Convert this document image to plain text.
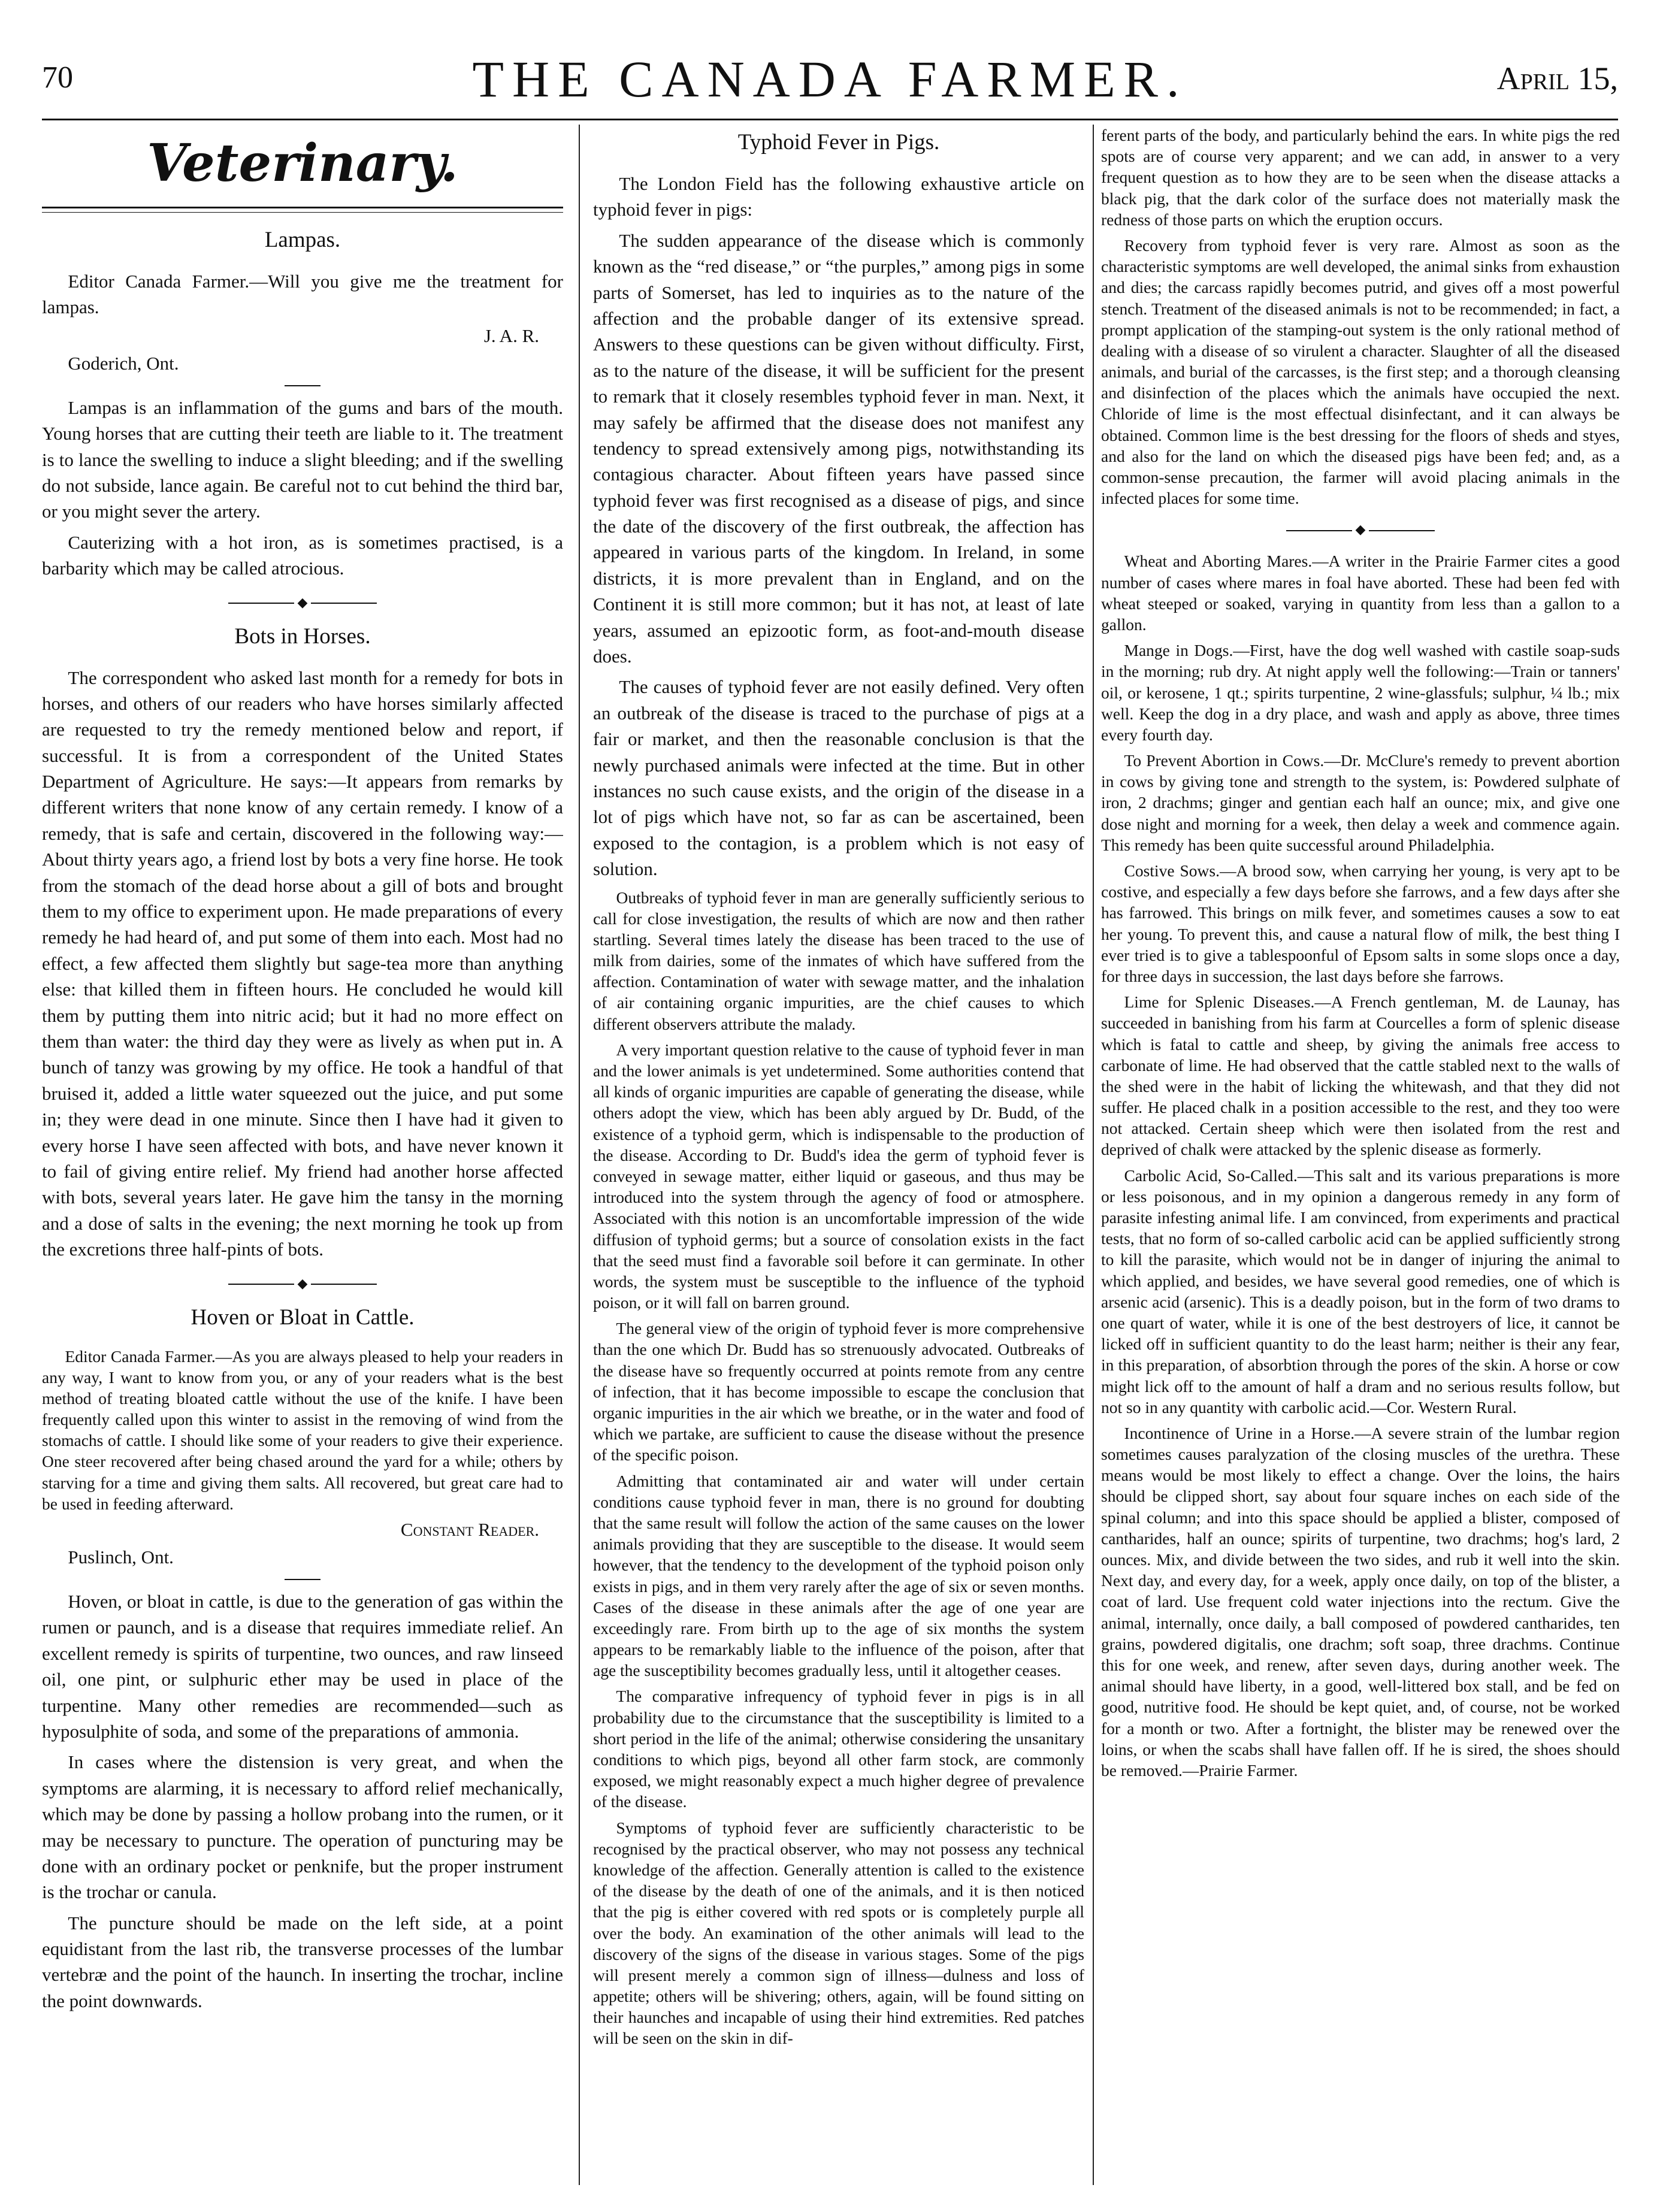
70	THE CANADA FARMER.	April 15,
Veterinary.
Lampas.

Editor Canada Farmer.—Will you give me the treatment for lampas.

J. A. R.
Goderich, Ont.

Lampas is an inflammation of the gums and bars of the mouth. Young horses that are cutting their teeth are liable to it. The treatment is to lance the swelling to induce a slight bleeding; and if the swelling do not subside, lance again. Be careful not to cut behind the third bar, or you might sever the artery.

Cauterizing with a hot iron, as is sometimes practised, is a barbarity which may be called atrocious.

◆
Bots in Horses.

The correspondent who asked last month for a remedy for bots in horses, and others of our readers who have horses similarly affected are requested to try the remedy mentioned below and report, if successful. It is from a correspondent of the United States Department of Agriculture. He says:—It appears from remarks by different writers that none know of any certain remedy. I know of a remedy, that is safe and certain, discovered in the following way:—About thirty years ago, a friend lost by bots a very fine horse. He took from the stomach of the dead horse about a gill of bots and brought them to my office to experiment upon. He made preparations of every remedy he had heard of, and put some of them into each. Most had no effect, a few affected them slightly but sage-tea more than anything else: that killed them in fifteen hours. He concluded he would kill them by putting them into nitric acid; but it had no more effect on them than water: the third day they were as lively as when put in. A bunch of tanzy was growing by my office. He took a handful of that bruised it, added a little water squeezed out the juice, and put some in; they were dead in one minute. Since then I have had it given to every horse I have seen affected with bots, and have never known it to fail of giving entire relief. My friend had another horse affected with bots, several years later. He gave him the tansy in the morning and a dose of salts in the evening; the next morning he took up from the excretions three half-pints of bots.

◆
Hoven or Bloat in Cattle.

Editor Canada Farmer.—As you are always pleased to help your readers in any way, I want to know from you, or any of your readers what is the best method of treating bloated cattle without the use of the knife. I have been frequently called upon this winter to assist in the removing of wind from the stomachs of cattle. I should like some of your readers to give their experience. One steer recovered after being chased around the yard for a while; others by starving for a time and giving them salts. All recovered, but great care had to be used in feeding afterward.

Constant Reader.
Puslinch, Ont.

Hoven, or bloat in cattle, is due to the generation of gas within the rumen or paunch, and is a disease that requires immediate relief. An excellent remedy is spirits of turpentine, two ounces, and raw linseed oil, one pint, or sulphuric ether may be used in place of the turpentine. Many other remedies are recommended—such as hyposulphite of soda, and some of the preparations of ammonia.

In cases where the distension is very great, and when the symptoms are alarming, it is necessary to afford relief mechanically, which may be done by passing a hollow probang into the rumen, or it may be necessary to puncture. The operation of puncturing may be done with an ordinary pocket or penknife, but the proper instrument is the trochar or canula.

The puncture should be made on the left side, at a point equidistant from the last rib, the transverse processes of the lumbar vertebræ and the point of the haunch. In inserting the trochar, incline the point downwards.

Typhoid Fever in Pigs.

The London Field has the following exhaustive article on typhoid fever in pigs:

The sudden appearance of the disease which is commonly known as the “red disease,” or “the purples,” among pigs in some parts of Somerset, has led to inquiries as to the nature of the affection and the probable danger of its extensive spread. Answers to these questions can be given without difficulty. First, as to the nature of the disease, it will be sufficient for the present to remark that it closely resembles typhoid fever in man. Next, it may safely be affirmed that the disease does not manifest any tendency to spread extensively among pigs, notwithstanding its contagious character. About fifteen years have passed since typhoid fever was first recognised as a disease of pigs, and since the date of the discovery of the first outbreak, the affection has appeared in various parts of the kingdom. In Ireland, in some districts, it is more prevalent than in England, and on the Continent it is still more common; but it has not, at least of late years, assumed an epizootic form, as foot-and-mouth disease does.

The causes of typhoid fever are not easily defined. Very often an outbreak of the disease is traced to the purchase of pigs at a fair or market, and then the reasonable conclusion is that the newly purchased animals were infected at the time. But in other instances no such cause exists, and the origin of the disease in a lot of pigs which have not, so far as can be ascertained, been exposed to the contagion, is a problem which is not easy of solution.

Outbreaks of typhoid fever in man are generally sufficiently serious to call for close investigation, the results of which are now and then rather startling. Several times lately the disease has been traced to the use of milk from dairies, some of the inmates of which have suffered from the affection. Contamination of water with sewage matter, and the inhalation of air containing organic impurities, are the chief causes to which different observers attribute the malady.

A very important question relative to the cause of typhoid fever in man and the lower animals is yet undetermined. Some authorities contend that all kinds of organic impurities are capable of generating the disease, while others adopt the view, which has been ably argued by Dr. Budd, of the existence of a typhoid germ, which is indispensable to the production of the disease. According to Dr. Budd's idea the germ of typhoid fever is conveyed in sewage matter, either liquid or gaseous, and thus may be introduced into the system through the agency of food or atmosphere. Associated with this notion is an uncomfortable impression of the wide diffusion of typhoid germs; but a source of consolation exists in the fact that the seed must find a favorable soil before it can germinate. In other words, the system must be susceptible to the influence of the typhoid poison, or it will fall on barren ground.

The general view of the origin of typhoid fever is more comprehensive than the one which Dr. Budd has so strenuously advocated. Outbreaks of the disease have so frequently occurred at points remote from any centre of infection, that it has become impossible to escape the conclusion that organic impurities in the air which we breathe, or in the water and food of which we partake, are sufficient to cause the disease without the presence of the specific poison.

Admitting that contaminated air and water will under certain conditions cause typhoid fever in man, there is no ground for doubting that the same result will follow the action of the same causes on the lower animals providing that they are susceptible to the disease. It would seem however, that the tendency to the development of the typhoid poison only exists in pigs, and in them very rarely after the age of six or seven months. Cases of the disease in these animals after the age of one year are exceedingly rare. From birth up to the age of six months the system appears to be remarkably liable to the influence of the poison, after that age the susceptibility becomes gradually less, until it altogether ceases.

The comparative infrequency of typhoid fever in pigs is in all probability due to the circumstance that the susceptibility is limited to a short period in the life of the animal; otherwise considering the unsanitary conditions to which pigs, beyond all other farm stock, are commonly exposed, we might reasonably expect a much higher degree of prevalence of the disease.

Symptoms of typhoid fever are sufficiently characteristic to be recognised by the practical observer, who may not possess any technical knowledge of the affection. Generally attention is called to the existence of the disease by the death of one of the animals, and it is then noticed that the pig is either covered with red spots or is completely purple all over the body. An examination of the other animals will lead to the discovery of the signs of the disease in various stages. Some of the pigs will present merely a common sign of illness—dulness and loss of appetite; others will be shivering; others, again, will be found sitting on their haunches and incapable of using their hind extremities. Red patches will be seen on the skin in dif-

ferent parts of the body, and particularly behind the ears. In white pigs the red spots are of course very apparent; and we can add, in answer to a very frequent question as to how they are to be seen when the disease attacks a black pig, that the dark color of the surface does not materially mask the redness of those parts on which the eruption occurs.

Recovery from typhoid fever is very rare. Almost as soon as the characteristic symptoms are well developed, the animal sinks from exhaustion and dies; the carcass rapidly becomes putrid, and gives off a most powerful stench. Treatment of the diseased animals is not to be recommended; in fact, a prompt application of the stamping-out system is the only rational method of dealing with a disease of so virulent a character. Slaughter of all the diseased animals, and burial of the carcasses, is the first step; and a thorough cleansing and disinfection of the places which the animals have occupied the next. Chloride of lime is the most effectual disinfectant, and it can always be obtained. Common lime is the best dressing for the floors of sheds and styes, and also for the land on which the diseased pigs have been fed; and, as a common-sense precaution, the farmer will avoid placing animals in the infected places for some time.

◆

Wheat and Aborting Mares.—A writer in the Prairie Farmer cites a good number of cases where mares in foal have aborted. These had been fed with wheat steeped or soaked, varying in quantity from less than a gallon to a gallon.

Mange in Dogs.—First, have the dog well washed with castile soap-suds in the morning; rub dry. At night apply well the following:—Train or tanners' oil, or kerosene, 1 qt.; spirits turpentine, 2 wine-glassfuls; sulphur, ¼ lb.; mix well. Keep the dog in a dry place, and wash and apply as above, three times every fourth day.

To Prevent Abortion in Cows.—Dr. McClure's remedy to prevent abortion in cows by giving tone and strength to the system, is: Powdered sulphate of iron, 2 drachms; ginger and gentian each half an ounce; mix, and give one dose night and morning for a week, then delay a week and commence again. This remedy has been quite successful around Philadelphia.

Costive Sows.—A brood sow, when carrying her young, is very apt to be costive, and especially a few days before she farrows, and a few days after she has farrowed. This brings on milk fever, and sometimes causes a sow to eat her young. To prevent this, and cause a natural flow of milk, the best thing I ever tried is to give a tablespoonful of Epsom salts in some slops once a day, for three days in succession, the last days before she farrows.

Lime for Splenic Diseases.—A French gentleman, M. de Launay, has succeeded in banishing from his farm at Courcelles a form of splenic disease which is fatal to cattle and sheep, by giving the animals free access to carbonate of lime. He had observed that the cattle stabled next to the walls of the shed were in the habit of licking the whitewash, and that they did not suffer. He placed chalk in a position accessible to the rest, and they too were not attacked. Certain sheep which were then isolated from the rest and deprived of chalk were attacked by the splenic disease as formerly.

Carbolic Acid, So-Called.—This salt and its various preparations is more or less poisonous, and in my opinion a dangerous remedy in any form of parasite infesting animal life. I am convinced, from experiments and practical tests, that no form of so-called carbolic acid can be applied sufficiently strong to kill the parasite, which would not be in danger of injuring the animal to which applied, and besides, we have several good remedies, one of which is arsenic acid (arsenic). This is a deadly poison, but in the form of two drams to one quart of water, while it is one of the best destroyers of lice, it cannot be licked off in sufficient quantity to do the least harm; neither is their any fear, in this preparation, of absorbtion through the pores of the skin. A horse or cow might lick off to the amount of half a dram and no serious results follow, but not so in any quantity with carbolic acid.—Cor. Western Rural.

Incontinence of Urine in a Horse.—A severe strain of the lumbar region sometimes causes paralyzation of the closing muscles of the urethra. These means would be most likely to effect a change. Over the loins, the hairs should be clipped short, say about four square inches on each side of the spinal column; and into this space should be applied a blister, composed of cantharides, half an ounce; spirits of turpentine, two drachms; hog's lard, 2 ounces. Mix, and divide between the two sides, and rub it well into the skin. Next day, and every day, for a week, apply once daily, on top of the blister, a coat of lard. Use frequent cold water injections into the rectum. Give the animal, internally, once daily, a ball composed of powdered cantharides, ten grains, powdered digitalis, one drachm; soft soap, three drachms. Continue this for one week, and renew, after seven days, during another week. The animal should have liberty, in a good, well-littered box stall, and be fed on good, nutritive food. He should be kept quiet, and, of course, not be worked for a month or two. After a fortnight, the blister may be renewed over the loins, or when the scabs shall have fallen off. If he is sired, the shoes should be removed.—Prairie Farmer.
